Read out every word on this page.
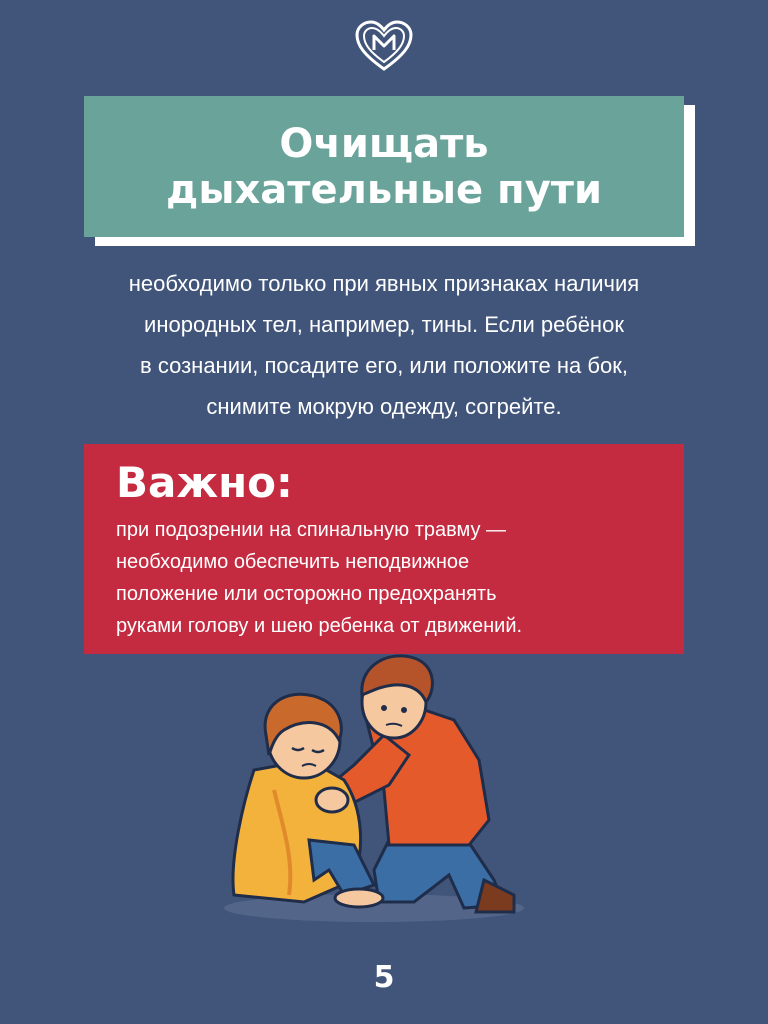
Очищать
дыхательные пути
необходимо только при явных признаках наличия
инородных тел, например, тины. Если ребёнок
в сознании, посадите его, или положите на бок,
снимите мокрую одежду, согрейте.
Важно:
при подозрении на спинальную травму —
необходимо обеспечить неподвижное
положение или осторожно предохранять
руками голову и шею ребенка от движений.
5
